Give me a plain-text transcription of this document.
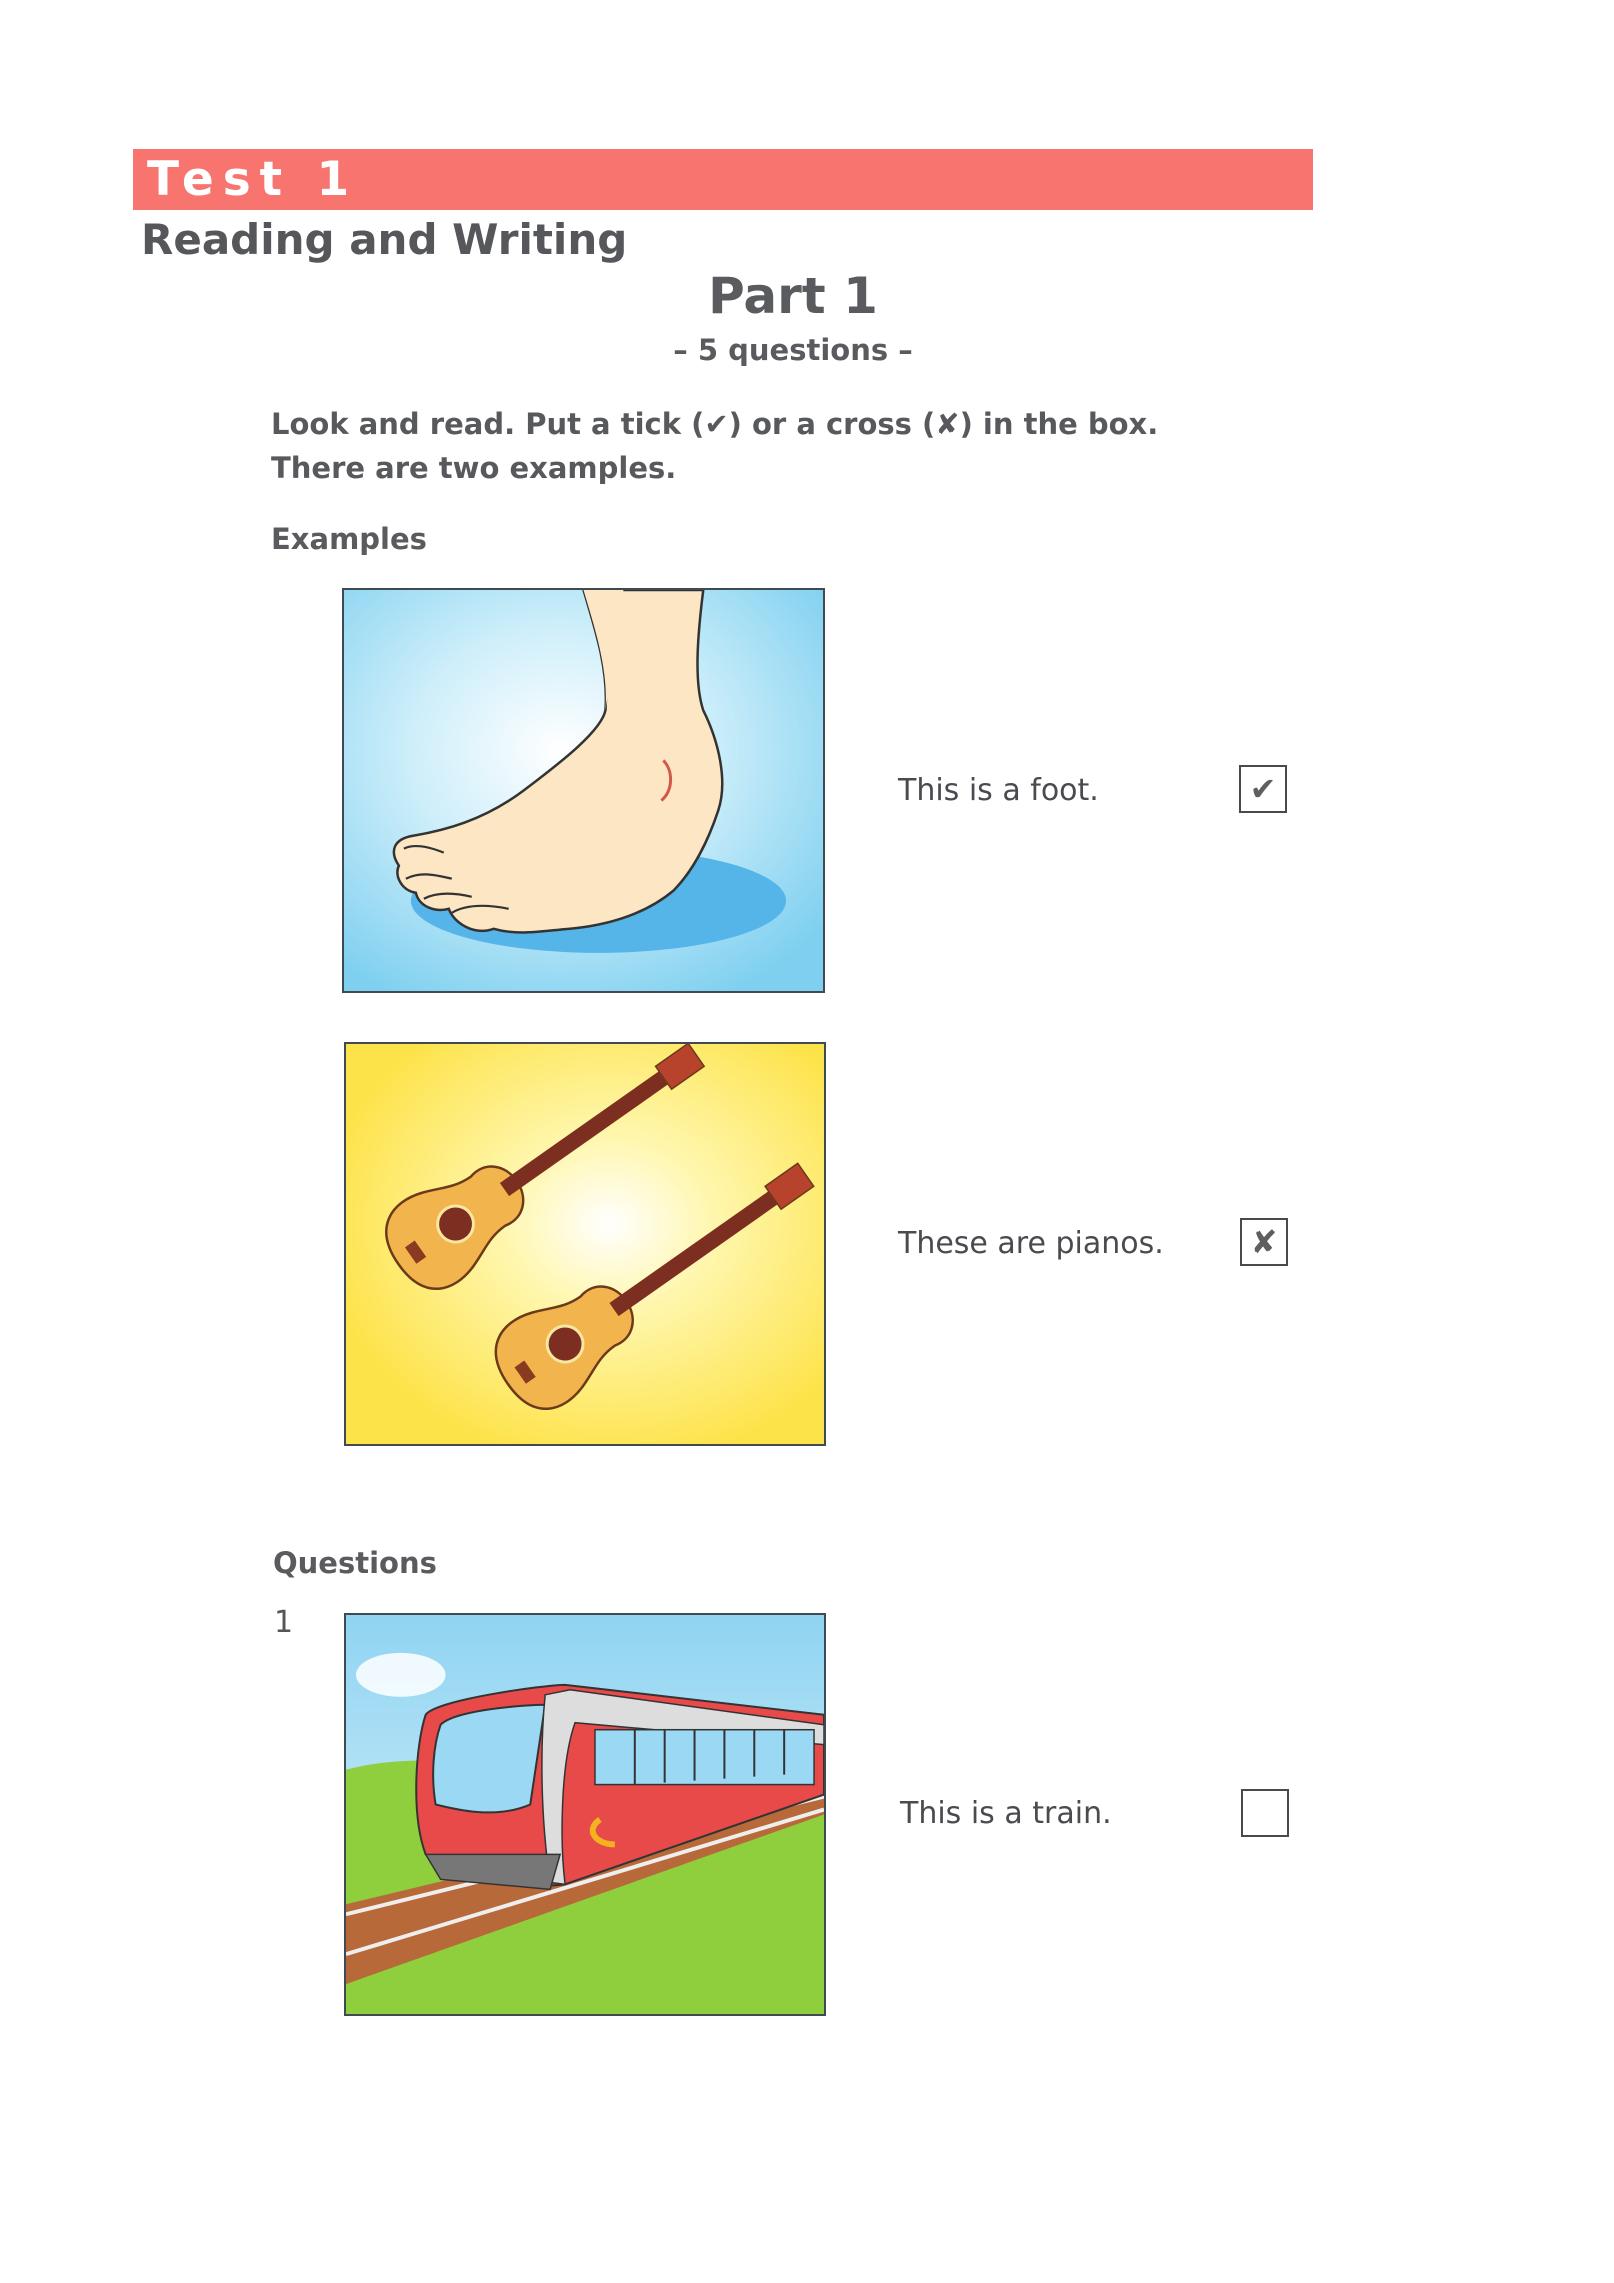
Test 1
Reading and Writing
Part 1
– 5 questions –
Look and read. Put a tick (✔) or a cross (✘) in the box.
There are two examples.
Examples
This is a foot.	✔
These are pianos.	✘
Questions
1
This is a train.
